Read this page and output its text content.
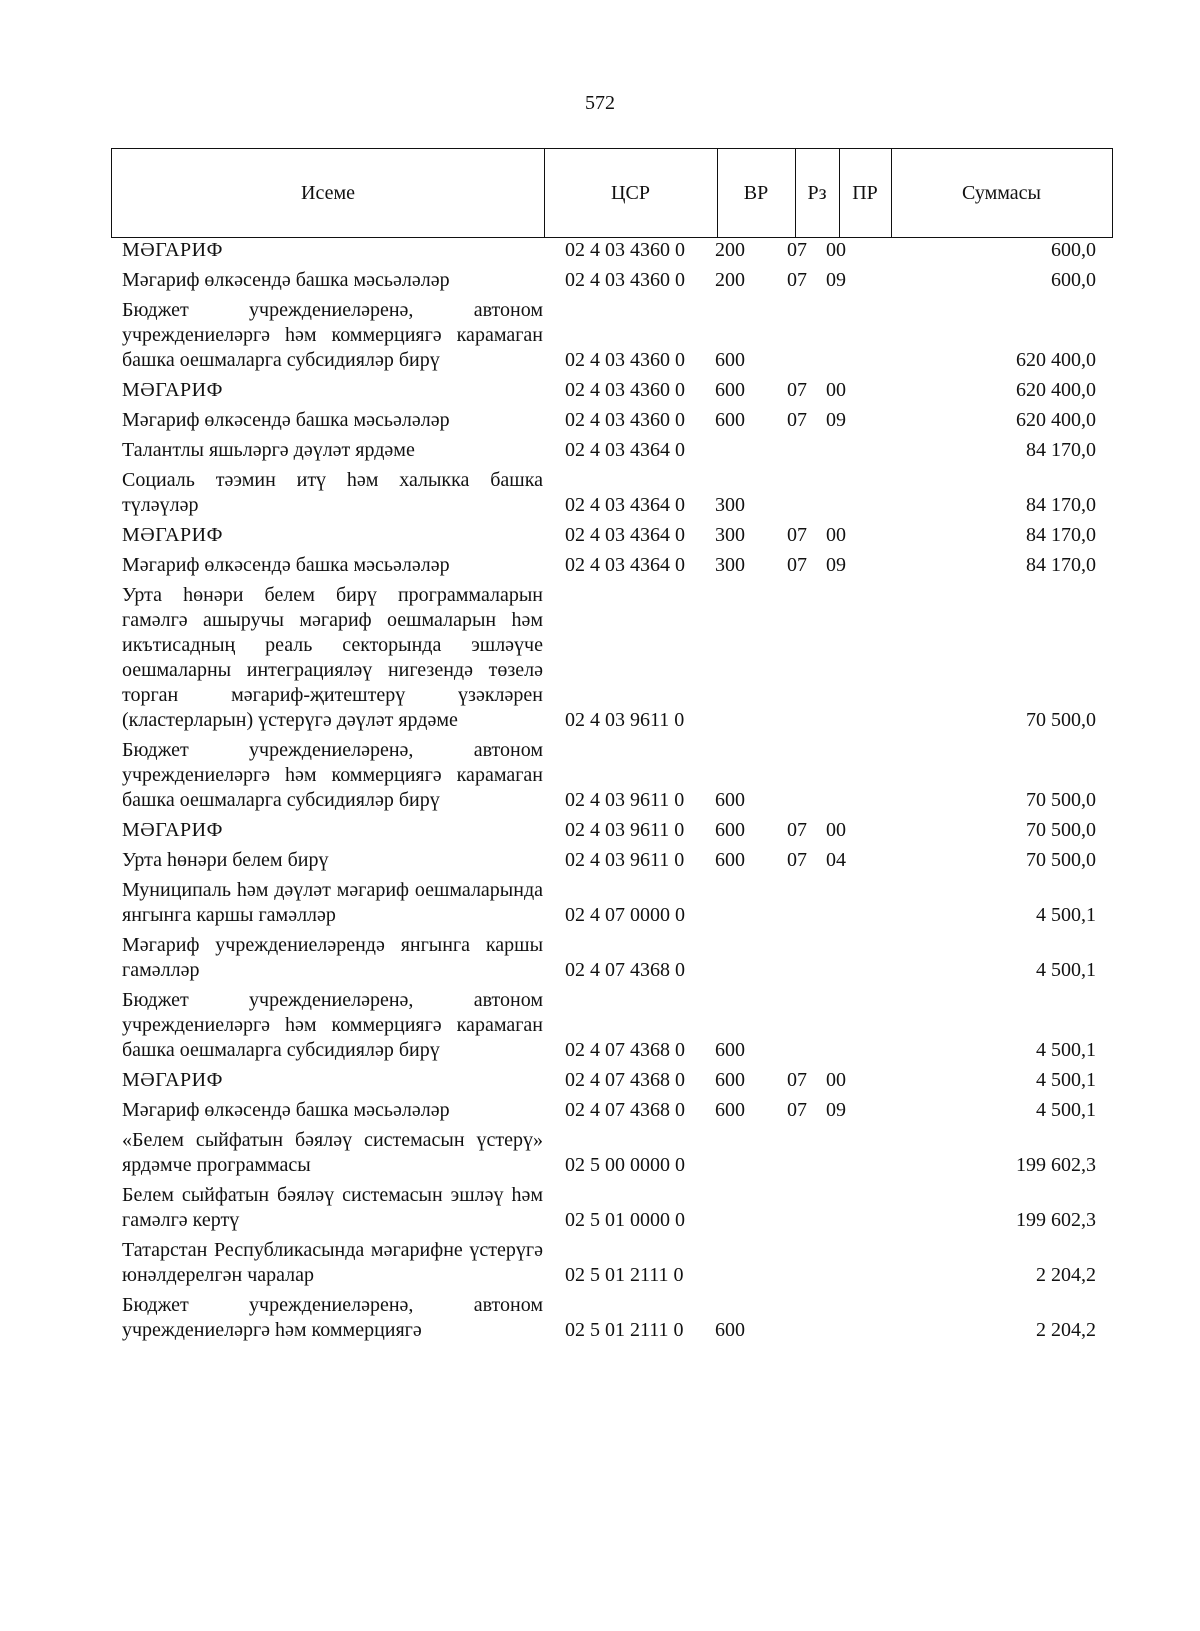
572
Исеме	ЦСР	ВР	Рз	ПР	Суммасы
МӘГАРИФ	02 4 03 4360 0	200	07 00	600,0
Мәгариф өлкәсендә башка мәсьәләләр	02 4 03 4360 0	200	07 09	600,0
Бюджет учреждениеләренә, автоном учреждениеләргә һәм коммерциягә карамаган башка оешмаларга субсидияләр бирү	02 4 03 4360 0	600	620 400,0
МӘГАРИФ	02 4 03 4360 0	600	07 00	620 400,0
Мәгариф өлкәсендә башка мәсьәләләр	02 4 03 4360 0	600	07 09	620 400,0
Талантлы яшьләргә дәүләт ярдәме	02 4 03 4364 0	84 170,0
Социаль тәэмин итү һәм халыкка башка түләүләр	02 4 03 4364 0	300	84 170,0
МӘГАРИФ	02 4 03 4364 0	300	07 00	84 170,0
Мәгариф өлкәсендә башка мәсьәләләр	02 4 03 4364 0	300	07 09	84 170,0
Урта һөнәри белем бирү программаларын гамәлгә ашыручы мәгариф оешмаларын һәм икътисадның реаль секторында эшләүче оешмаларны интеграцияләү нигезендә төзелә торган мәгариф-җитештерү үзәкләрен (кластерларын) үстерүгә дәүләт ярдәме	02 4 03 9611 0	70 500,0
Бюджет учреждениеләренә, автоном учреждениеләргә һәм коммерциягә карамаган башка оешмаларга субсидияләр бирү	02 4 03 9611 0	600	70 500,0
МӘГАРИФ	02 4 03 9611 0	600	07 00	70 500,0
Урта һөнәри белем бирү	02 4 03 9611 0	600	07 04	70 500,0
Муниципаль һәм дәүләт мәгариф оешмаларында янгынга каршы гамәлләр	02 4 07 0000 0	4 500,1
Мәгариф учреждениеләрендә янгынга каршы гамәлләр	02 4 07 4368 0	4 500,1
Бюджет учреждениеләренә, автоном учреждениеләргә һәм коммерциягә карамаган башка оешмаларга субсидияләр бирү	02 4 07 4368 0	600	4 500,1
МӘГАРИФ	02 4 07 4368 0	600	07 00	4 500,1
Мәгариф өлкәсендә башка мәсьәләләр	02 4 07 4368 0	600	07 09	4 500,1
«Белем сыйфатын бәяләү системасын үстерү» ярдәмче программасы	02 5 00 0000 0	199 602,3
Белем сыйфатын бәяләү системасын эшләү һәм гамәлгә кертү	02 5 01 0000 0	199 602,3
Татарстан Республикасында мәгарифне үстерүгә юнәлдерелгән чаралар	02 5 01 2111 0	2 204,2
Бюджет учреждениеләренә, автоном учреждениеләргә һәм коммерциягә	02 5 01 2111 0	600	2 204,2
